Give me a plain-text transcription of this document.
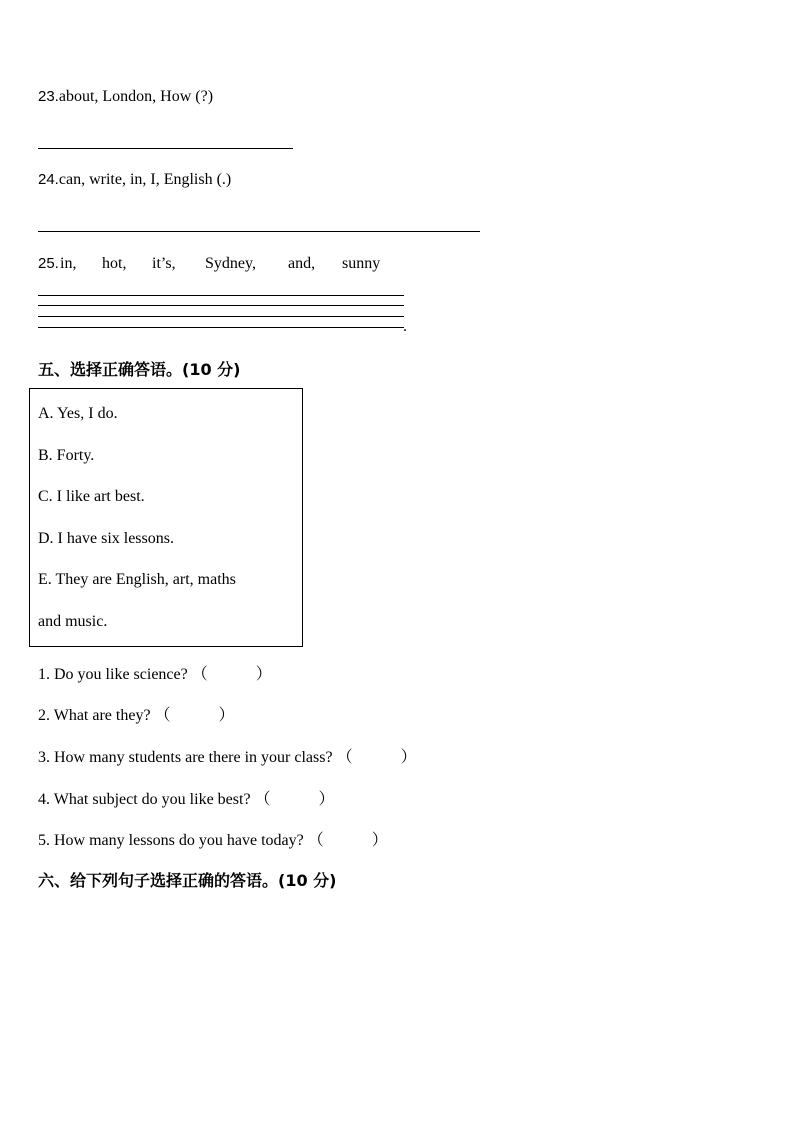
23.about, London, How (?)
24.can, write, in, I, English (.)
25. in, hot, it’s, Sydney, and, sunny
.
五、选择正确答语。(10 分)
A. Yes, I do.
B. Forty.
C. I like art best.
D. I have six lessons.
E. They are English, art, maths
and music.
1. Do you like science? （　　　）
2. What are they? （　　　）
3. How many students are there in your class? （　　　）
4. What subject do you like best? （　　　）
5. How many lessons do you have today? （　　　）
六、给下列句子选择正确的答语。(10 分)
